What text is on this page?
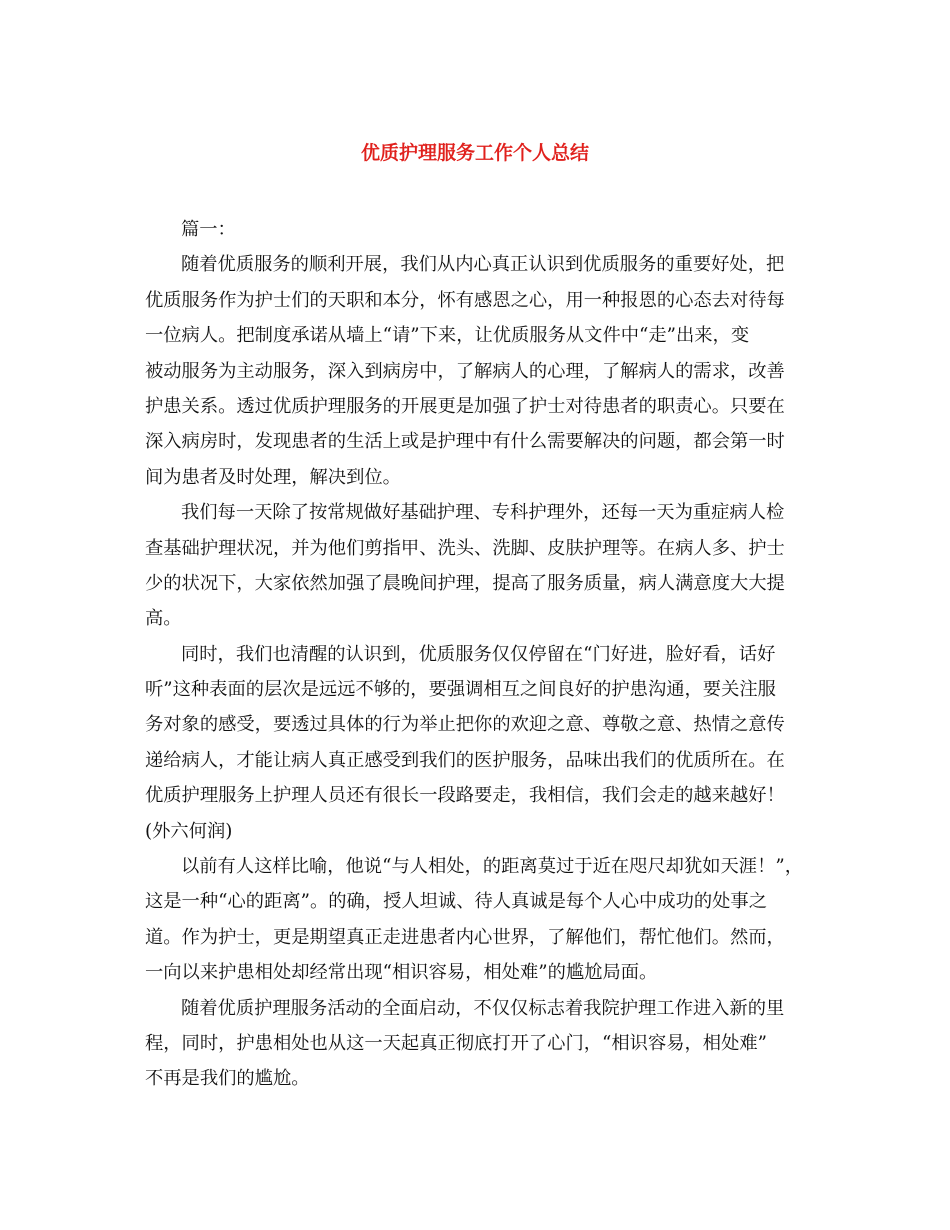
优质护理服务工作个人总结
篇一：
随着优质服务的顺利开展，我们从内心真正认识到优质服务的重要好处，把
优质服务作为护士们的天职和本分，怀有感恩之心，用一种报恩的心态去对待每
一位病人。把制度承诺从墙上“请”下来，让优质服务从文件中“走”出来，变
被动服务为主动服务，深入到病房中，了解病人的心理，了解病人的需求，改善
护患关系。透过优质护理服务的开展更是加强了护士对待患者的职责心。只要在
深入病房时，发现患者的生活上或是护理中有什么需要解决的问题，都会第一时
间为患者及时处理，解决到位。
我们每一天除了按常规做好基础护理、专科护理外，还每一天为重症病人检
查基础护理状况，并为他们剪指甲、洗头、洗脚、皮肤护理等。在病人多、护士
少的状况下，大家依然加强了晨晚间护理，提高了服务质量，病人满意度大大提
高。
同时，我们也清醒的认识到，优质服务仅仅停留在“门好进，脸好看，话好
听”这种表面的层次是远远不够的，要强调相互之间良好的护患沟通，要关注服
务对象的感受，要透过具体的行为举止把你的欢迎之意、尊敬之意、热情之意传
递给病人，才能让病人真正感受到我们的医护服务，品味出我们的优质所在。在
优质护理服务上护理人员还有很长一段路要走，我相信，我们会走的越来越好！
(外六何润)
以前有人这样比喻，他说“与人相处，的距离莫过于近在咫尺却犹如天涯！”，
这是一种“心的距离”。的确，授人坦诚、待人真诚是每个人心中成功的处事之
道。作为护士，更是期望真正走进患者内心世界，了解他们，帮忙他们。然而，
一向以来护患相处却经常出现“相识容易，相处难”的尴尬局面。
随着优质护理服务活动的全面启动，不仅仅标志着我院护理工作进入新的里
程，同时，护患相处也从这一天起真正彻底打开了心门，“相识容易，相处难”
不再是我们的尴尬。
